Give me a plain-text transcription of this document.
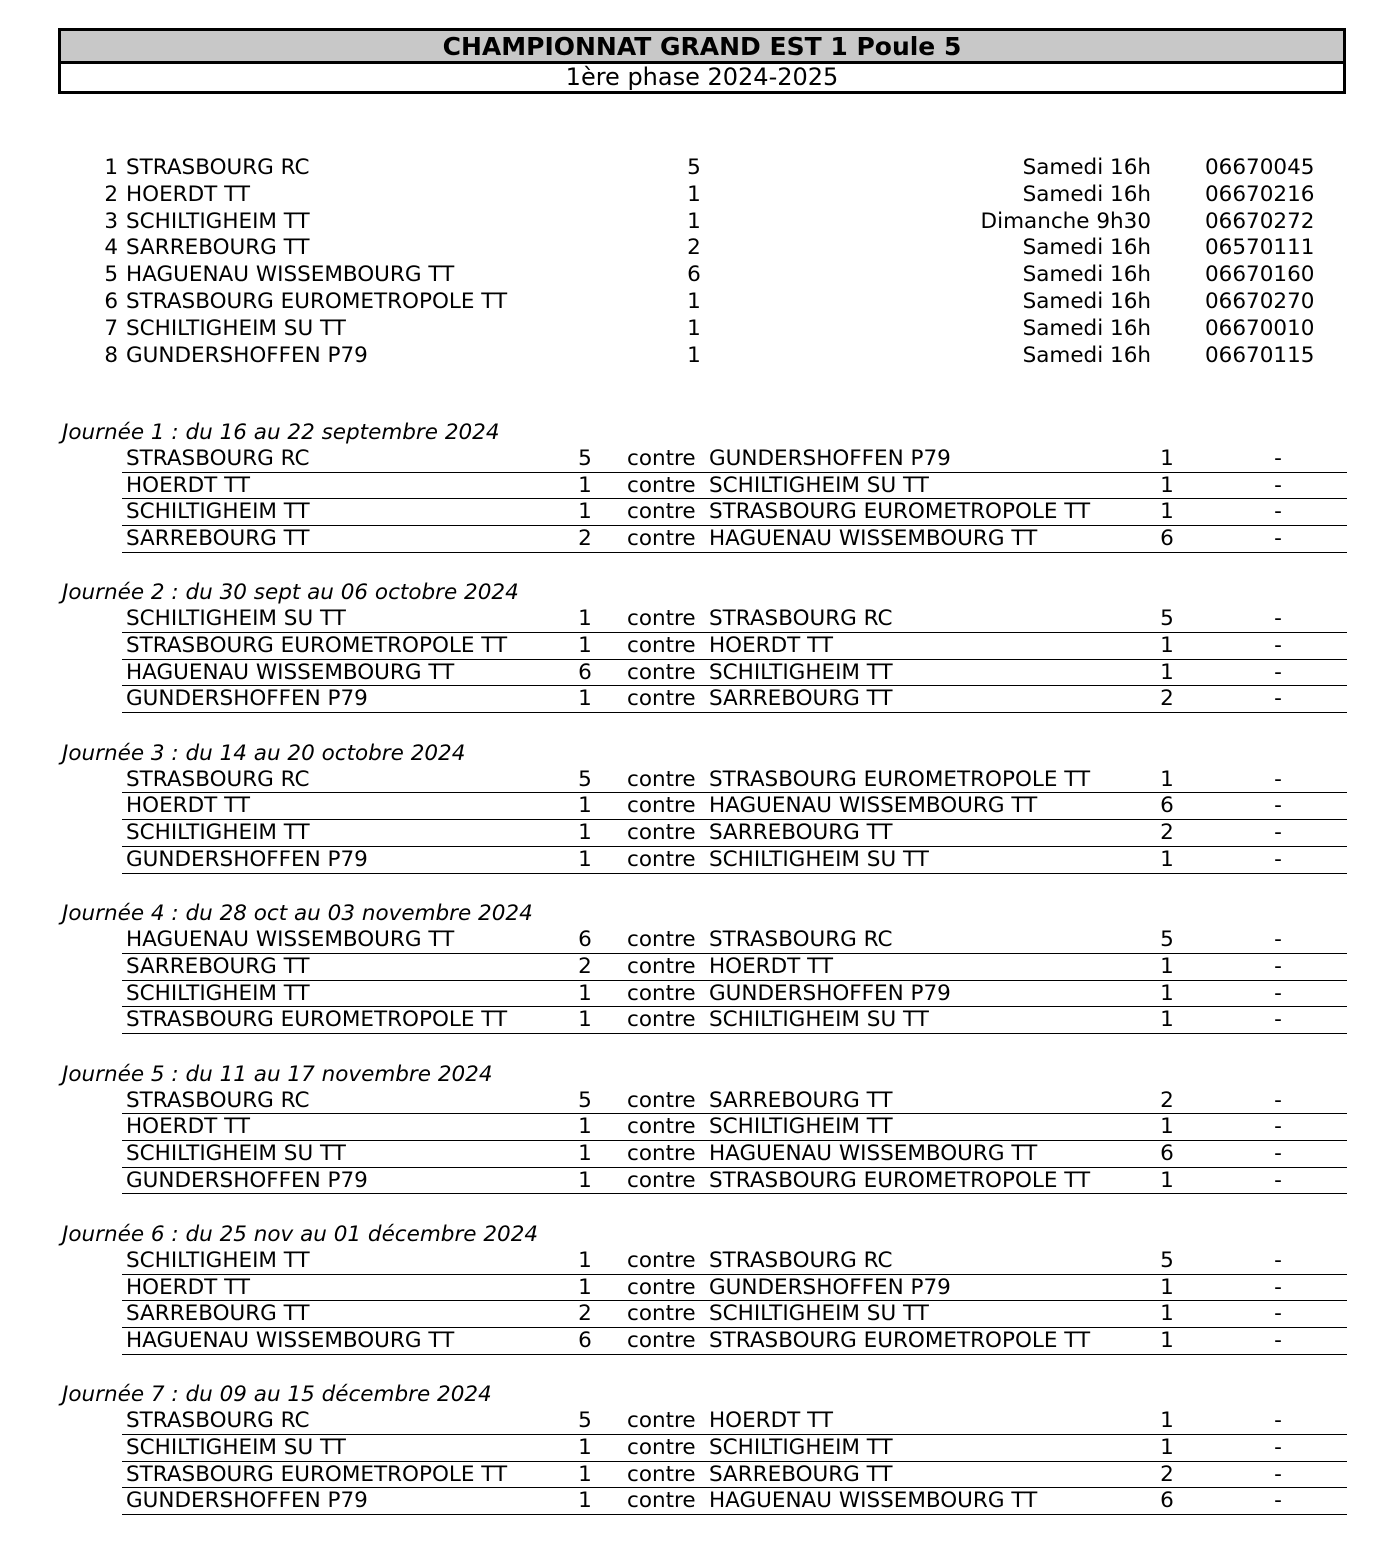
CHAMPIONNAT GRAND EST 1 Poule 5
1ère phase 2024-2025
1 STRASBOURG RC	5	Samedi 16h	06670045
2 HOERDT TT	1	Samedi 16h	06670216
3 SCHILTIGHEIM TT	1	Dimanche 9h30	06670272
4 SARREBOURG TT	2	Samedi 16h	06570111
5 HAGUENAU WISSEMBOURG TT	6	Samedi 16h	06670160
6 STRASBOURG EUROMETROPOLE TT	1	Samedi 16h	06670270
7 SCHILTIGHEIM SU TT	1	Samedi 16h	06670010
8 GUNDERSHOFFEN P79	1	Samedi 16h	06670115
Journée 1 : du 16 au 22 septembre 2024
STRASBOURG RC	5 contre GUNDERSHOFFEN P79	1	-
HOERDT TT	1 contre SCHILTIGHEIM SU TT	1	-
SCHILTIGHEIM TT	1 contre STRASBOURG EUROMETROPOLE TT	1	-
SARREBOURG TT	2 contre HAGUENAU WISSEMBOURG TT	6	-
Journée 2 : du 30 sept au 06 octobre 2024
SCHILTIGHEIM SU TT	1 contre STRASBOURG RC	5	-
STRASBOURG EUROMETROPOLE TT	1 contre HOERDT TT	1	-
HAGUENAU WISSEMBOURG TT	6 contre SCHILTIGHEIM TT	1	-
GUNDERSHOFFEN P79	1 contre SARREBOURG TT	2	-
Journée 3 : du 14 au 20 octobre 2024
STRASBOURG RC	5 contre STRASBOURG EUROMETROPOLE TT	1	-
HOERDT TT	1 contre HAGUENAU WISSEMBOURG TT	6	-
SCHILTIGHEIM TT	1 contre SARREBOURG TT	2	-
GUNDERSHOFFEN P79	1 contre SCHILTIGHEIM SU TT	1	-
Journée 4 : du 28 oct au 03 novembre 2024
HAGUENAU WISSEMBOURG TT	6 contre STRASBOURG RC	5	-
SARREBOURG TT	2 contre HOERDT TT	1	-
SCHILTIGHEIM TT	1 contre GUNDERSHOFFEN P79	1	-
STRASBOURG EUROMETROPOLE TT	1 contre SCHILTIGHEIM SU TT	1	-
Journée 5 : du 11 au 17 novembre 2024
STRASBOURG RC	5 contre SARREBOURG TT	2	-
HOERDT TT	1 contre SCHILTIGHEIM TT	1	-
SCHILTIGHEIM SU TT	1 contre HAGUENAU WISSEMBOURG TT	6	-
GUNDERSHOFFEN P79	1 contre STRASBOURG EUROMETROPOLE TT	1	-
Journée 6 : du 25 nov au 01 décembre 2024
SCHILTIGHEIM TT	1 contre STRASBOURG RC	5	-
HOERDT TT	1 contre GUNDERSHOFFEN P79	1	-
SARREBOURG TT	2 contre SCHILTIGHEIM SU TT	1	-
HAGUENAU WISSEMBOURG TT	6 contre STRASBOURG EUROMETROPOLE TT	1	-
Journée 7 : du 09 au 15 décembre 2024
STRASBOURG RC	5 contre HOERDT TT	1	-
SCHILTIGHEIM SU TT	1 contre SCHILTIGHEIM TT	1	-
STRASBOURG EUROMETROPOLE TT	1 contre SARREBOURG TT	2	-
GUNDERSHOFFEN P79	1 contre HAGUENAU WISSEMBOURG TT	6	-
